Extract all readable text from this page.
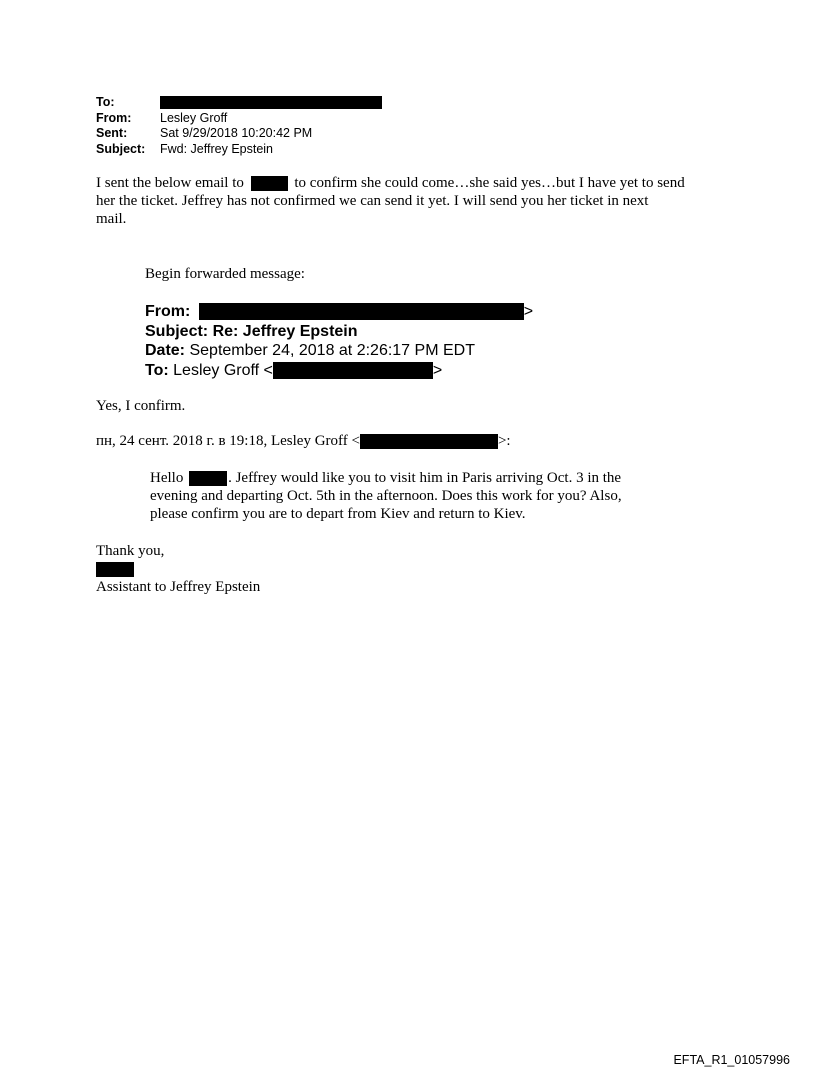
To:
From:	Lesley Groff
Sent:	Sat 9/29/2018 10:20:42 PM
Subject:	Fwd: Jeffrey Epstein
I sent the below email to	to confirm she could come…she said yes…but I have yet to send
her the ticket. Jeffrey has not confirmed we can send it yet. I will send you her ticket in next
mail.
Begin forwarded message:
From:	>
Subject: Re: Jeffrey Epstein
Date: September 24, 2018 at 2:26:17 PM EDT
To: Lesley Groff <	>
Yes, I confirm.
пн, 24 сент. 2018 г. в 19:18, Lesley Groff <	>:
Hello	. Jeffrey would like you to visit him in Paris arriving Oct. 3 in the
evening and departing Oct. 5th in the afternoon. Does this work for you? Also,
please confirm you are to depart from Kiev and return to Kiev.
Thank you,
Assistant to Jeffrey Epstein
EFTA_R1_01057996
